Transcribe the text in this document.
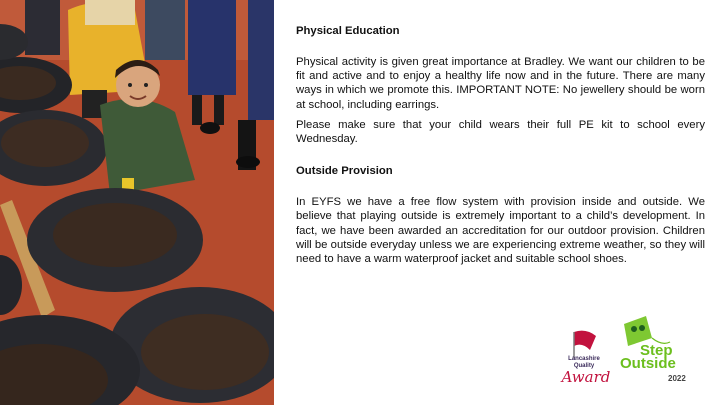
Physical Education

Physical activity is given great importance at Bradley. We want our children to be fit and active and to enjoy a healthy life now and in the future. There are many ways in which we promote this. IMPORTANT NOTE: No jewellery should be worn at school, including earrings.

Please make sure that your child wears their full PE kit to school every Wednesday.

Outside Provision

In EYFS we have a free flow system with provision inside and outside. We believe that playing outside is extremely important to a child’s development. In fact, we have been awarded an accreditation for our outdoor provision. Children will be outside everyday unless we are experiencing extreme weather, so they will need to have a warm waterproof jacket and suitable school shoes.

Lancashire
Quality
Award
Step
Outside
2022
